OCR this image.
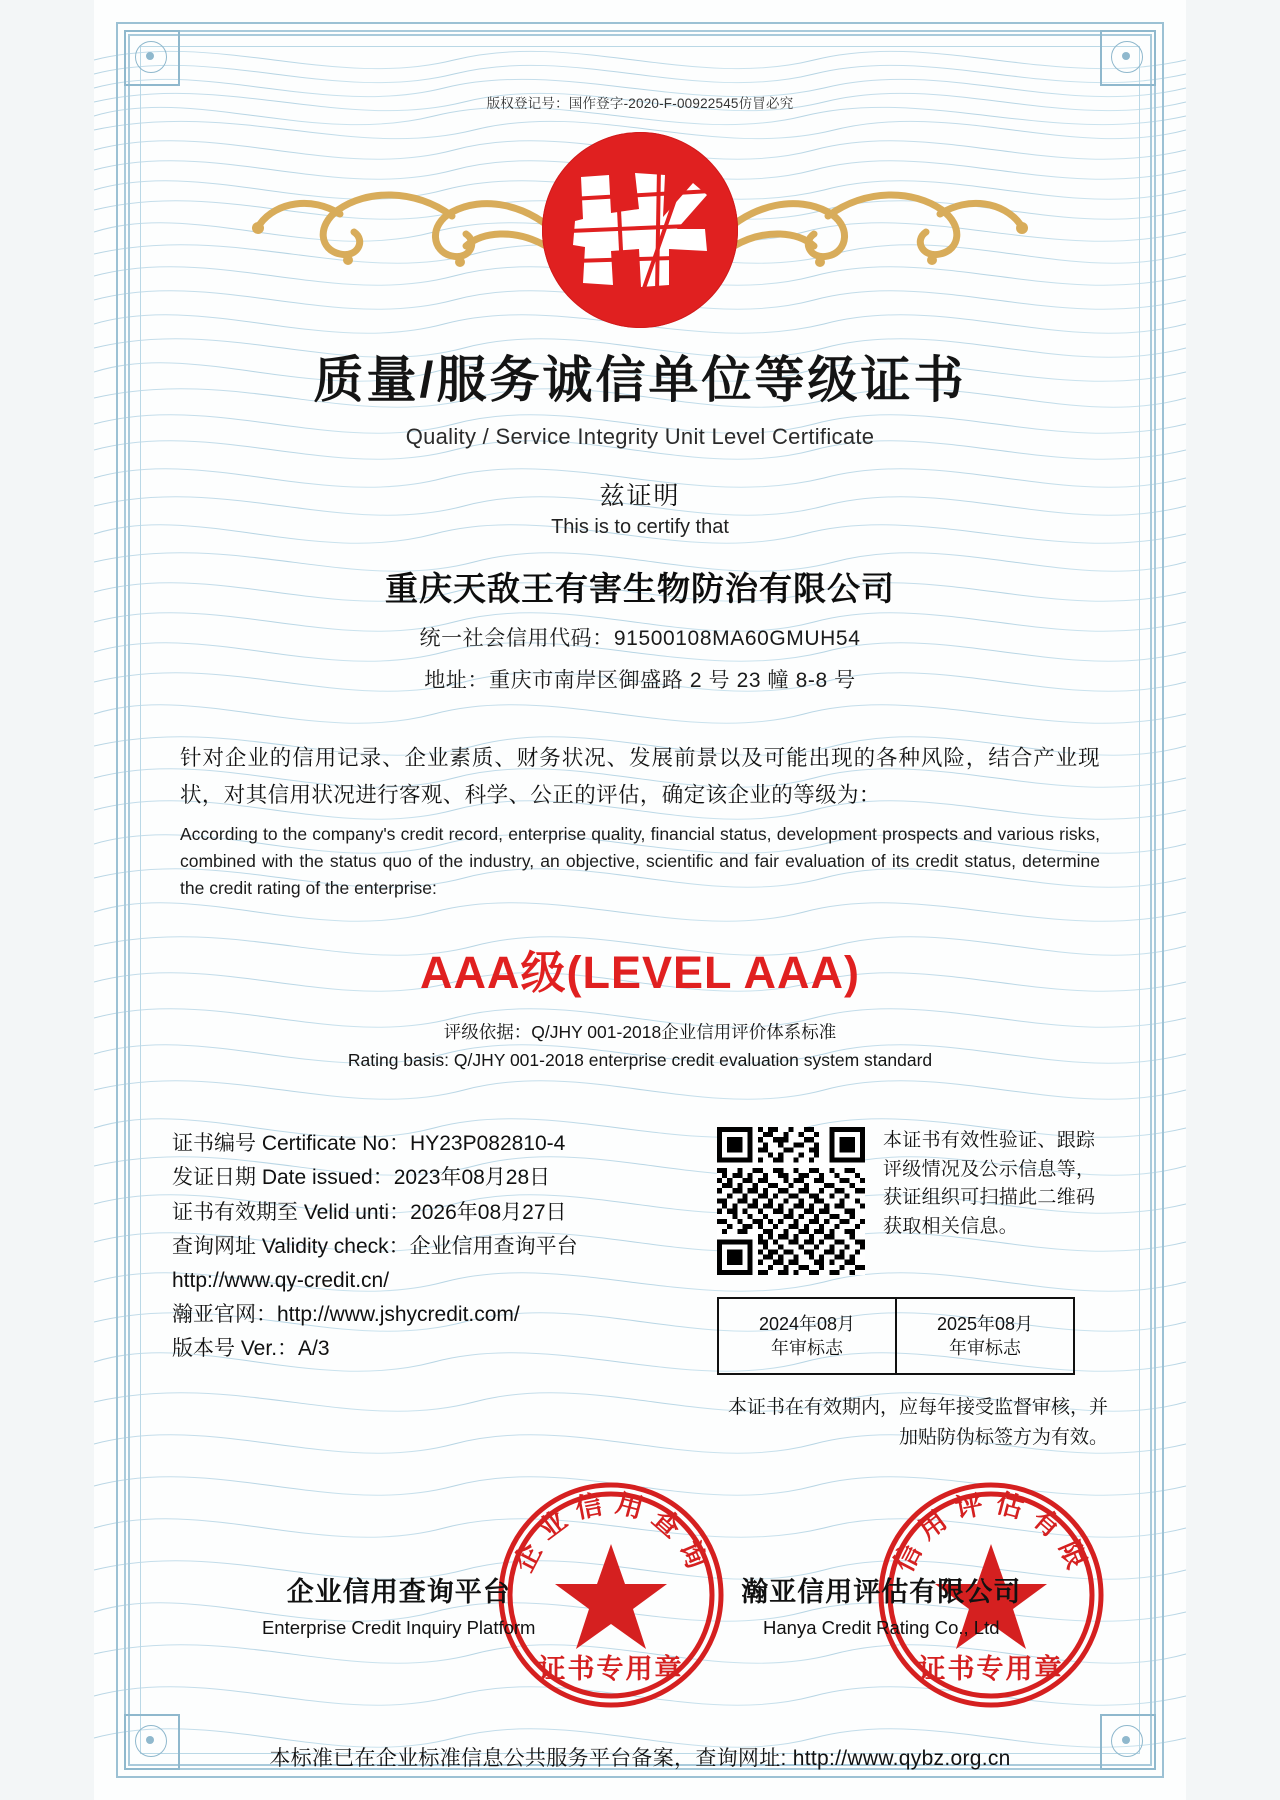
版权登记号：国作登字-2020-F-00922545仿冒必究
质量/服务诚信单位等级证书
Quality / Service Integrity Unit Level Certificate
兹证明
This is to certify that
重庆天敌王有害生物防治有限公司
统一社会信用代码：91500108MA60GMUH54
地址：重庆市南岸区御盛路 2 号 23 幢 8-8 号
针对企业的信用记录、企业素质、财务状况、发展前景以及可能出现的各种风险，结合产业现状，对其信用状况进行客观、科学、公正的评估，确定该企业的等级为：
According to the company's credit record, enterprise quality, financial status, development prospects and various risks, combined with the status quo of the industry, an objective, scientific and fair evaluation of its credit status, determine the credit rating of the enterprise:
AAA级(LEVEL AAA)
评级依据：Q/JHY 001-2018企业信用评价体系标准
Rating basis: Q/JHY 001-2018 enterprise credit evaluation system standard
证书编号 Certificate No：HY23P082810-4
发证日期 Date issued：2023年08月28日
证书有效期至 Velid unti：2026年08月27日
查询网址 Validity check：企业信用查询平台
http://www.qy-credit.cn/
瀚亚官网：http://www.jshycredit.com/
版本号 Ver.：A/3
本证书有效性验证、跟踪评级情况及公示信息等，获证组织可扫描此二维码获取相关信息。
2024年08月
年审标志
2025年08月
年审标志
本证书在有效期内，应每年接受监督审核，并加贴防伪标签方为有效。
企业信用查询
证书专用章
信用评估有限
证书专用章
企业信用查询平台
Enterprise Credit Inquiry Platform
瀚亚信用评估有限公司
Hanya Credit Rating Co., Ltd
本标准已在企业标准信息公共服务平台备案，查询网址: http://www.qybz.org.cn
